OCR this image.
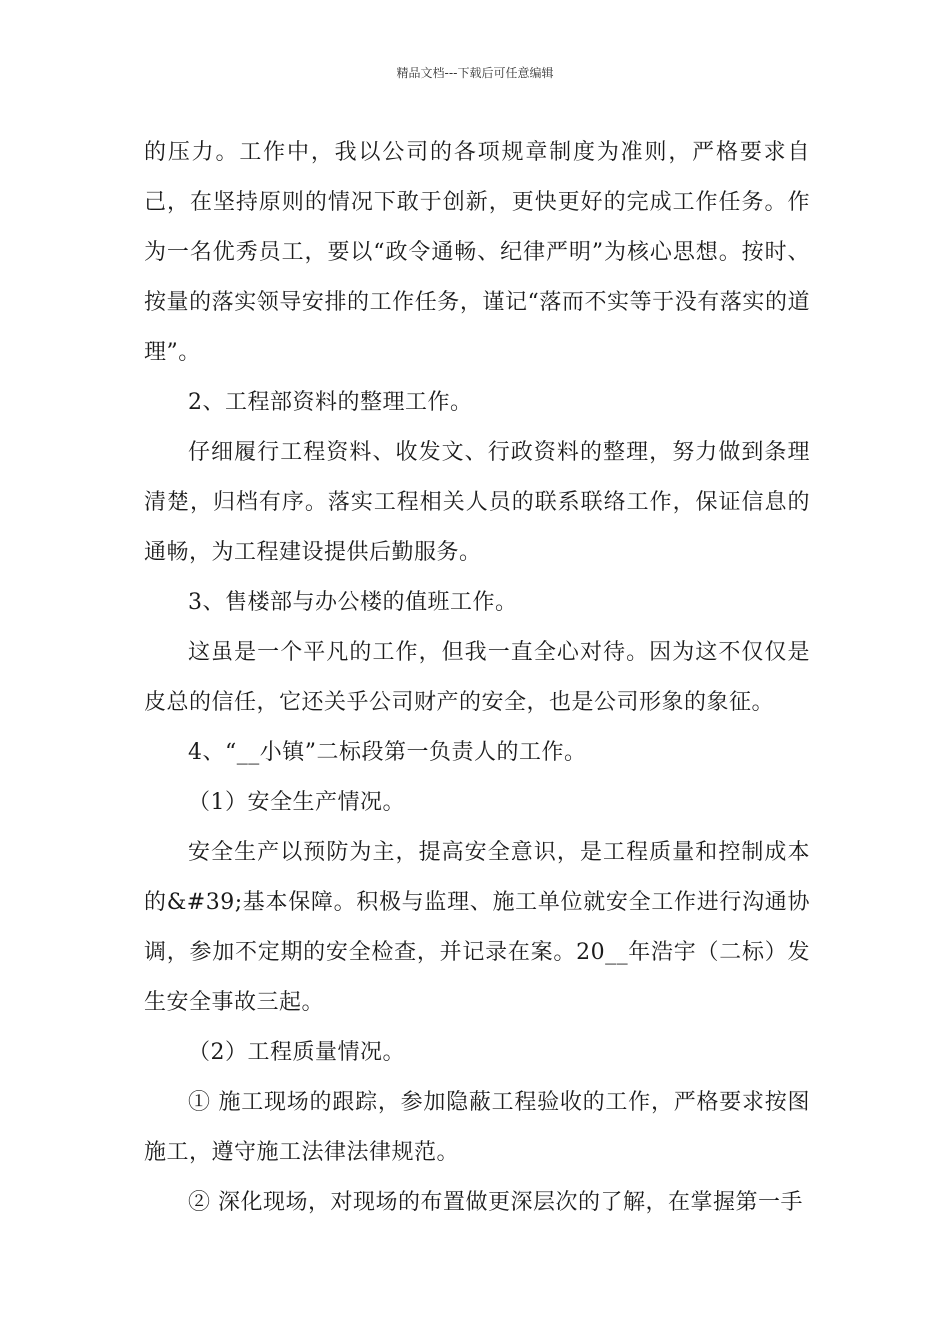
精品文档---下载后可任意编辑

的压力。工作中，我以公司的各项规章制度为准则，严格要求自己，在坚持原则的情况下敢于创新，更快更好的完成工作任务。作为一名优秀员工，要以“政令通畅、纪律严明”为核心思想。按时、按量的落实领导安排的工作任务，谨记“落而不实等于没有落实的道理”。

2、工程部资料的整理工作。

仔细履行工程资料、收发文、行政资料的整理，努力做到条理清楚，归档有序。落实工程相关人员的联系联络工作，保证信息的通畅，为工程建设提供后勤服务。

3、售楼部与办公楼的值班工作。

这虽是一个平凡的工作，但我一直全心对待。因为这不仅仅是皮总的信任，它还关乎公司财产的安全，也是公司形象的象征。

4、“__小镇”二标段第一负责人的工作。

（1）安全生产情况。

安全生产以预防为主，提高安全意识，是工程质量和控制成本的&#39;基本保障。积极与监理、施工单位就安全工作进行沟通协调，参加不定期的安全检查，并记录在案。20__年浩宇（二标）发生安全事故三起。

（2）工程质量情况。

① 施工现场的跟踪，参加隐蔽工程验收的工作，严格要求按图施工，遵守施工法律法律规范。

② 深化现场，对现场的布置做更深层次的了解，在掌握第一手
